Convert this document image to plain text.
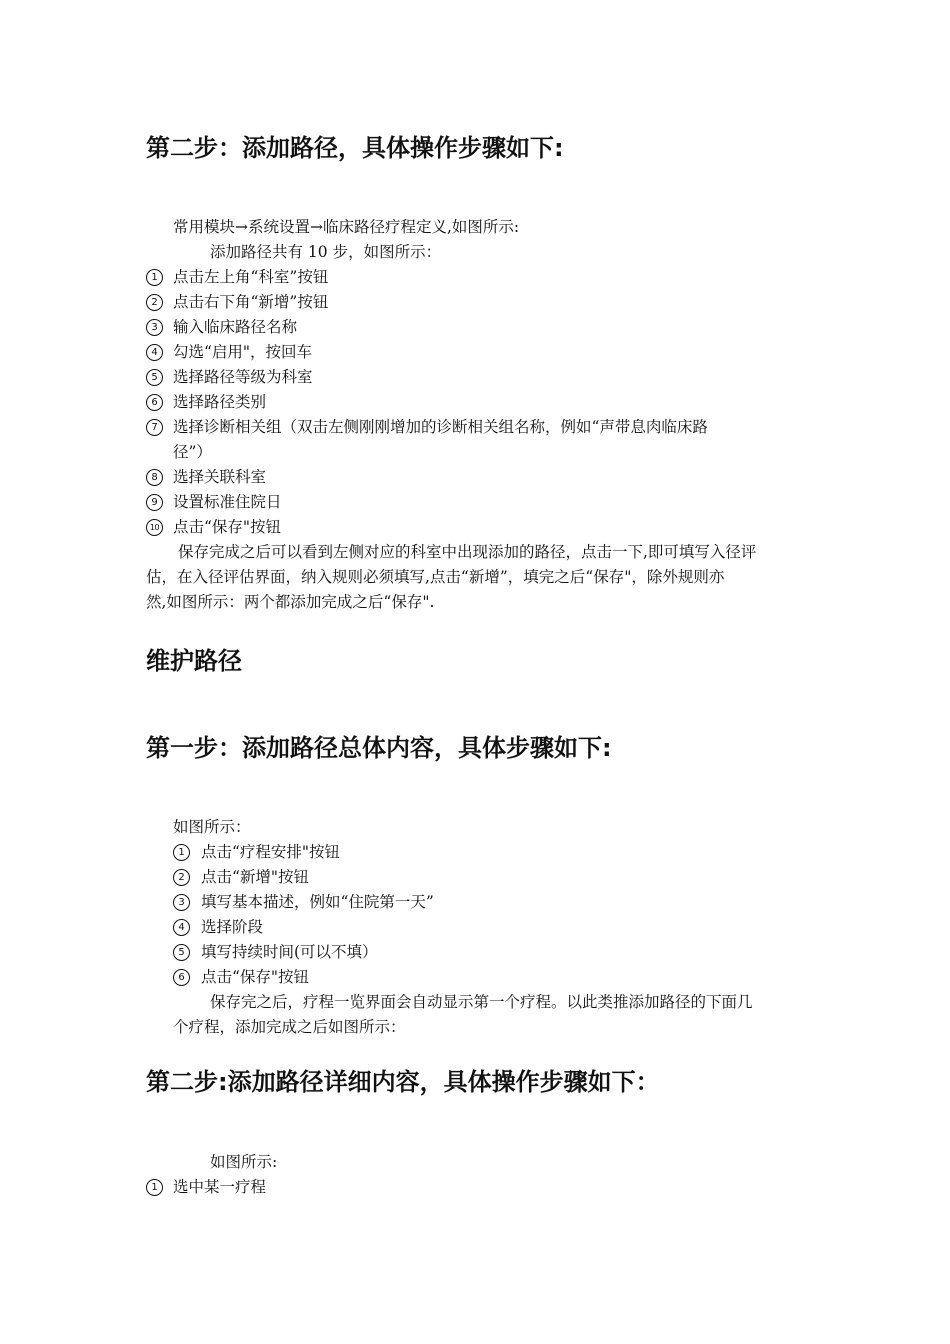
第二步：添加路径，具体操作步骤如下:
常用模块→系统设置→临床路径疗程定义,如图所示:
添加路径共有 10 步，如图所示：
1 点击左上角“科室”按钮
2 点击右下角“新增”按钮
3 输入临床路径名称
4 勾选“启用"，按回车
5 选择路径等级为科室
6 选择路径类别
7 选择诊断相关组（双击左侧刚刚增加的诊断相关组名称，例如“声带息肉临床路
径”）
8 选择关联科室
9 设置标准住院日
10 点击“保存"按钮
保存完成之后可以看到左侧对应的科室中出现添加的路径，点击一下,即可填写入径评
估，在入径评估界面，纳入规则必须填写,点击“新增”，填完之后“保存"，除外规则亦
然,如图所示：两个都添加完成之后“保存".
维护路径
第一步：添加路径总体内容，具体步骤如下:
如图所示：
1	点击“疗程安排"按钮
2	点击“新增"按钮
3	填写基本描述，例如“住院第一天”
4	选择阶段
5	填写持续时间(可以不填）
6	点击“保存"按钮
保存完之后，疗程一览界面会自动显示第一个疗程。以此类推添加路径的下面几
个疗程，添加完成之后如图所示：
第二步:添加路径详细内容，具体操作步骤如下：
如图所示:
1 选中某一疗程
